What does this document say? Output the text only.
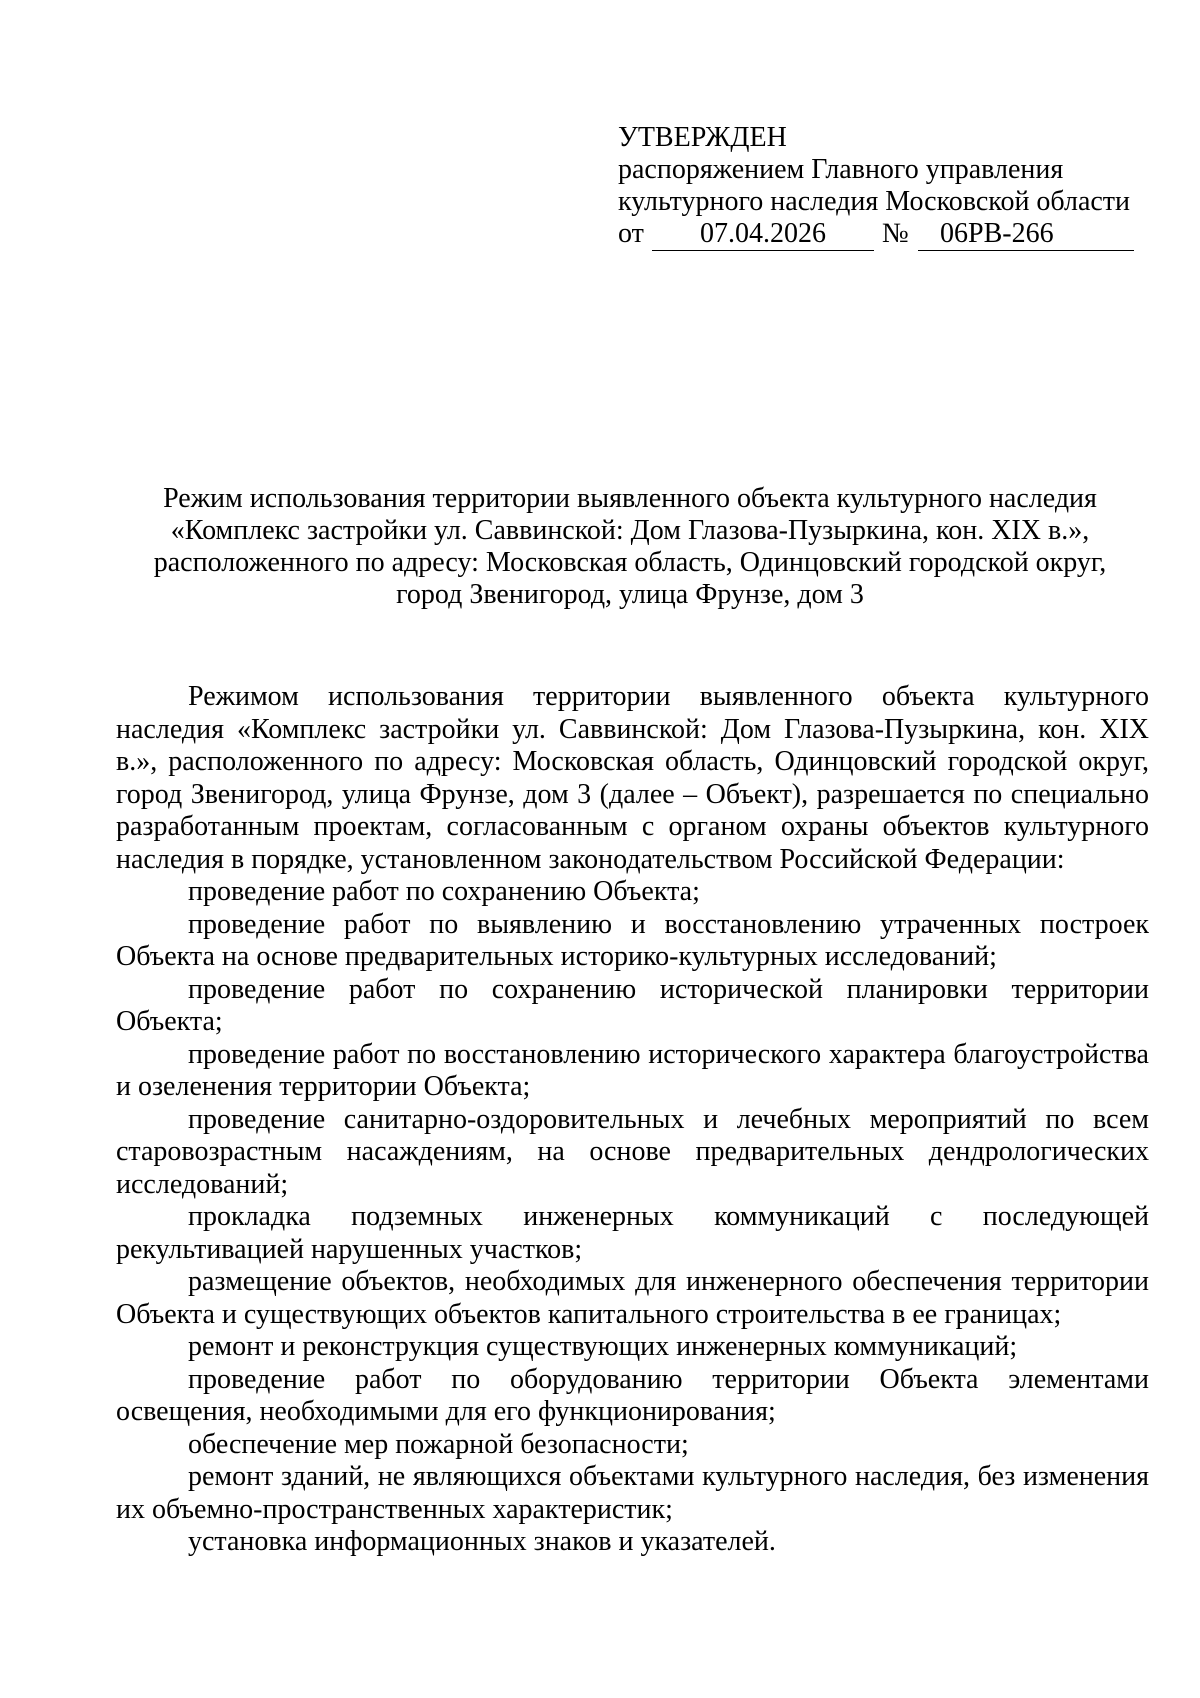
УТВЕРЖДЕН
распоряжением Главного управления
культурного наследия Московской области
от	07.04.2026	№ 06РВ-266
Режим использования территории выявленного объекта культурного наследия
«Комплекс застройки ул. Саввинской: Дом Глазова-Пузыркина, кон. XIX в.»,
расположенного по адресу: Московская область, Одинцовский городской округ,
город Звенигород, улица Фрунзе, дом 3

Режимом использования территории выявленного объекта культурного наследия «Комплекс застройки ул. Саввинской: Дом Глазова-Пузыркина, кон. XIX в.», расположенного по адресу: Московская область, Одинцовский городской округ, город Звенигород, улица Фрунзе, дом 3 (далее – Объект), разрешается по специально разработанным проектам, согласованным с органом охраны объектов культурного наследия в порядке, установленном законодательством Российской Федерации:

проведение работ по сохранению Объекта;

проведение работ по выявлению и восстановлению утраченных построек Объекта на основе предварительных историко-культурных исследований;

проведение работ по сохранению исторической планировки территории Объекта;

проведение работ по восстановлению исторического характера благоустройства и озеленения территории Объекта;

проведение санитарно-оздоровительных и лечебных мероприятий по всем старовозрастным насаждениям, на основе предварительных дендрологических исследований;

прокладка подземных инженерных коммуникаций с последующей рекультивацией нарушенных участков;

размещение объектов, необходимых для инженерного обеспечения территории Объекта и существующих объектов капитального строительства в ее границах;

ремонт и реконструкция существующих инженерных коммуникаций;

проведение работ по оборудованию территории Объекта элементами освещения, необходимыми для его функционирования;

обеспечение мер пожарной безопасности;

ремонт зданий, не являющихся объектами культурного наследия, без изменения их объемно-пространственных характеристик;

установка информационных знаков и указателей.
